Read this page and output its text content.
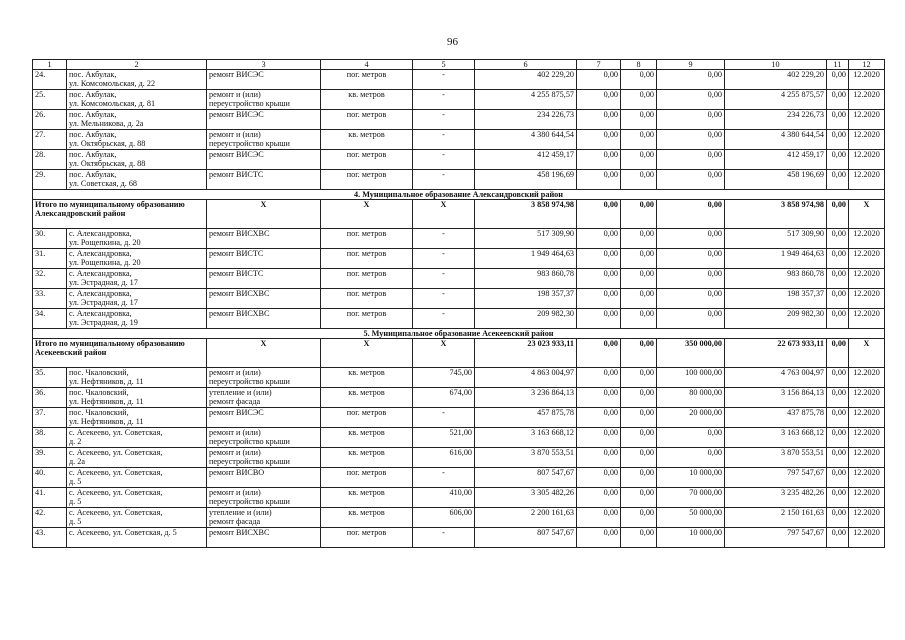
96
1	2	3	4	5	6	7	8	9	10	11	12	
24.	пос. Акбулак,
ул. Комсомольская, д. 22	ремонт ВИСЭС	пог. метров	-	402 229,20	0,00	0,00	0,00	402 229,20	0,00	12.2020	
25.	пос. Акбулак,
ул. Комсомольская, д. 81	ремонт и (или)
переустройство крыши	кв. метров	-	4 255 875,57	0,00	0,00	0,00	4 255 875,57	0,00	12.2020	
26.	пос. Акбулак,
ул. Мельникова, д. 2а	ремонт ВИСЭС	пог. метров	-	234 226,73	0,00	0,00	0,00	234 226,73	0,00	12.2020	
27.	пос. Акбулак,
ул. Октябрьская, д. 88	ремонт и (или)
переустройство крыши	кв. метров	-	4 380 644,54	0,00	0,00	0,00	4 380 644,54	0,00	12.2020	
28.	пос. Акбулак,
ул. Октябрьская, д. 88	ремонт ВИСЭС	пог. метров	-	412 459,17	0,00	0,00	0,00	412 459,17	0,00	12.2020	
29.	пос. Акбулак,
ул. Советская, д. 68	ремонт ВИСТС	пог. метров	-	458 196,69	0,00	0,00	0,00	458 196,69	0,00	12.2020	
4. Муниципальное образование Александровский район												
Итого по муниципальному образованию Александровский район		X	X	X	3 858 974,98	0,00	0,00	0,00	3 858 974,98	0,00	X	
30.	с. Александровка,
ул. Рощепкина, д. 20	ремонт ВИСХВС	пог. метров	-	517 309,90	0,00	0,00	0,00	517 309,90	0,00	12.2020	
31.	с. Александровка,
ул. Рощепкина, д. 20	ремонт ВИСТС	пог. метров	-	1 949 464,63	0,00	0,00	0,00	1 949 464,63	0,00	12.2020	
32.	с. Александровка,
ул. Эстрадная, д. 17	ремонт ВИСТС	пог. метров	-	983 860,78	0,00	0,00	0,00	983 860,78	0,00	12.2020	
33.	с. Александровка,
ул. Эстрадная, д. 17	ремонт ВИСХВС	пог. метров	-	198 357,37	0,00	0,00	0,00	198 357,37	0,00	12.2020	
34.	с. Александровка,
ул. Эстрадная, д. 19	ремонт ВИСХВС	пог. метров	-	209 982,30	0,00	0,00	0,00	209 982,30	0,00	12.2020	
5. Муниципальное образование Асекеевский район												
Итого по муниципальному образованию Асекеевский район		X	X	X	23 023 933,11	0,00	0,00	350 000,00	22 673 933,11	0,00	X	
35.	пос. Чкаловский,
ул. Нефтяников, д. 11	ремонт и (или)
переустройство крыши	кв. метров	745,00	4 863 004,97	0,00	0,00	100 000,00	4 763 004,97	0,00	12.2020	
36.	пос. Чкаловский,
ул. Нефтяников, д. 11	утепление и (или)
ремонт фасада	кв. метров	674,00	3 236 864,13	0,00	0,00	80 000,00	3 156 864,13	0,00	12.2020	
37.	пос. Чкаловский,
ул. Нефтяников, д. 11	ремонт ВИСЭС	пог. метров	-	457 875,78	0,00	0,00	20 000,00	437 875,78	0,00	12.2020	
38.	с. Асекеево, ул. Советская,
д. 2	ремонт и (или)
переустройство крыши	кв. метров	521,00	3 163 668,12	0,00	0,00	0,00	3 163 668,12	0,00	12.2020	
39.	с. Асекеево, ул. Советская,
д. 2а	ремонт и (или)
переустройство крыши	кв. метров	616,00	3 870 553,51	0,00	0,00	0,00	3 870 553,51	0,00	12.2020	
40.	с. Асекеево, ул. Советская,
д. 5	ремонт ВИСВО	пог. метров	-	807 547,67	0,00	0,00	10 000,00	797 547,67	0,00	12.2020	
41.	с. Асекеево, ул. Советская,
д. 5	ремонт и (или)
переустройство крыши	кв. метров	410,00	3 305 482,26	0,00	0,00	70 000,00	3 235 482,26	0,00	12.2020	
42.	с. Асекеево, ул. Советская,
д. 5	утепление и (или)
ремонт фасада	кв. метров	606,00	2 200 161,63	0,00	0,00	50 000,00	2 150 161,63	0,00	12.2020	
43.	с. Асекеево, ул. Советская, д. 5	ремонт ВИСХВС	пог. метров	-	807 547,67	0,00	0,00	10 000,00	797 547,67	0,00	12.2020	
